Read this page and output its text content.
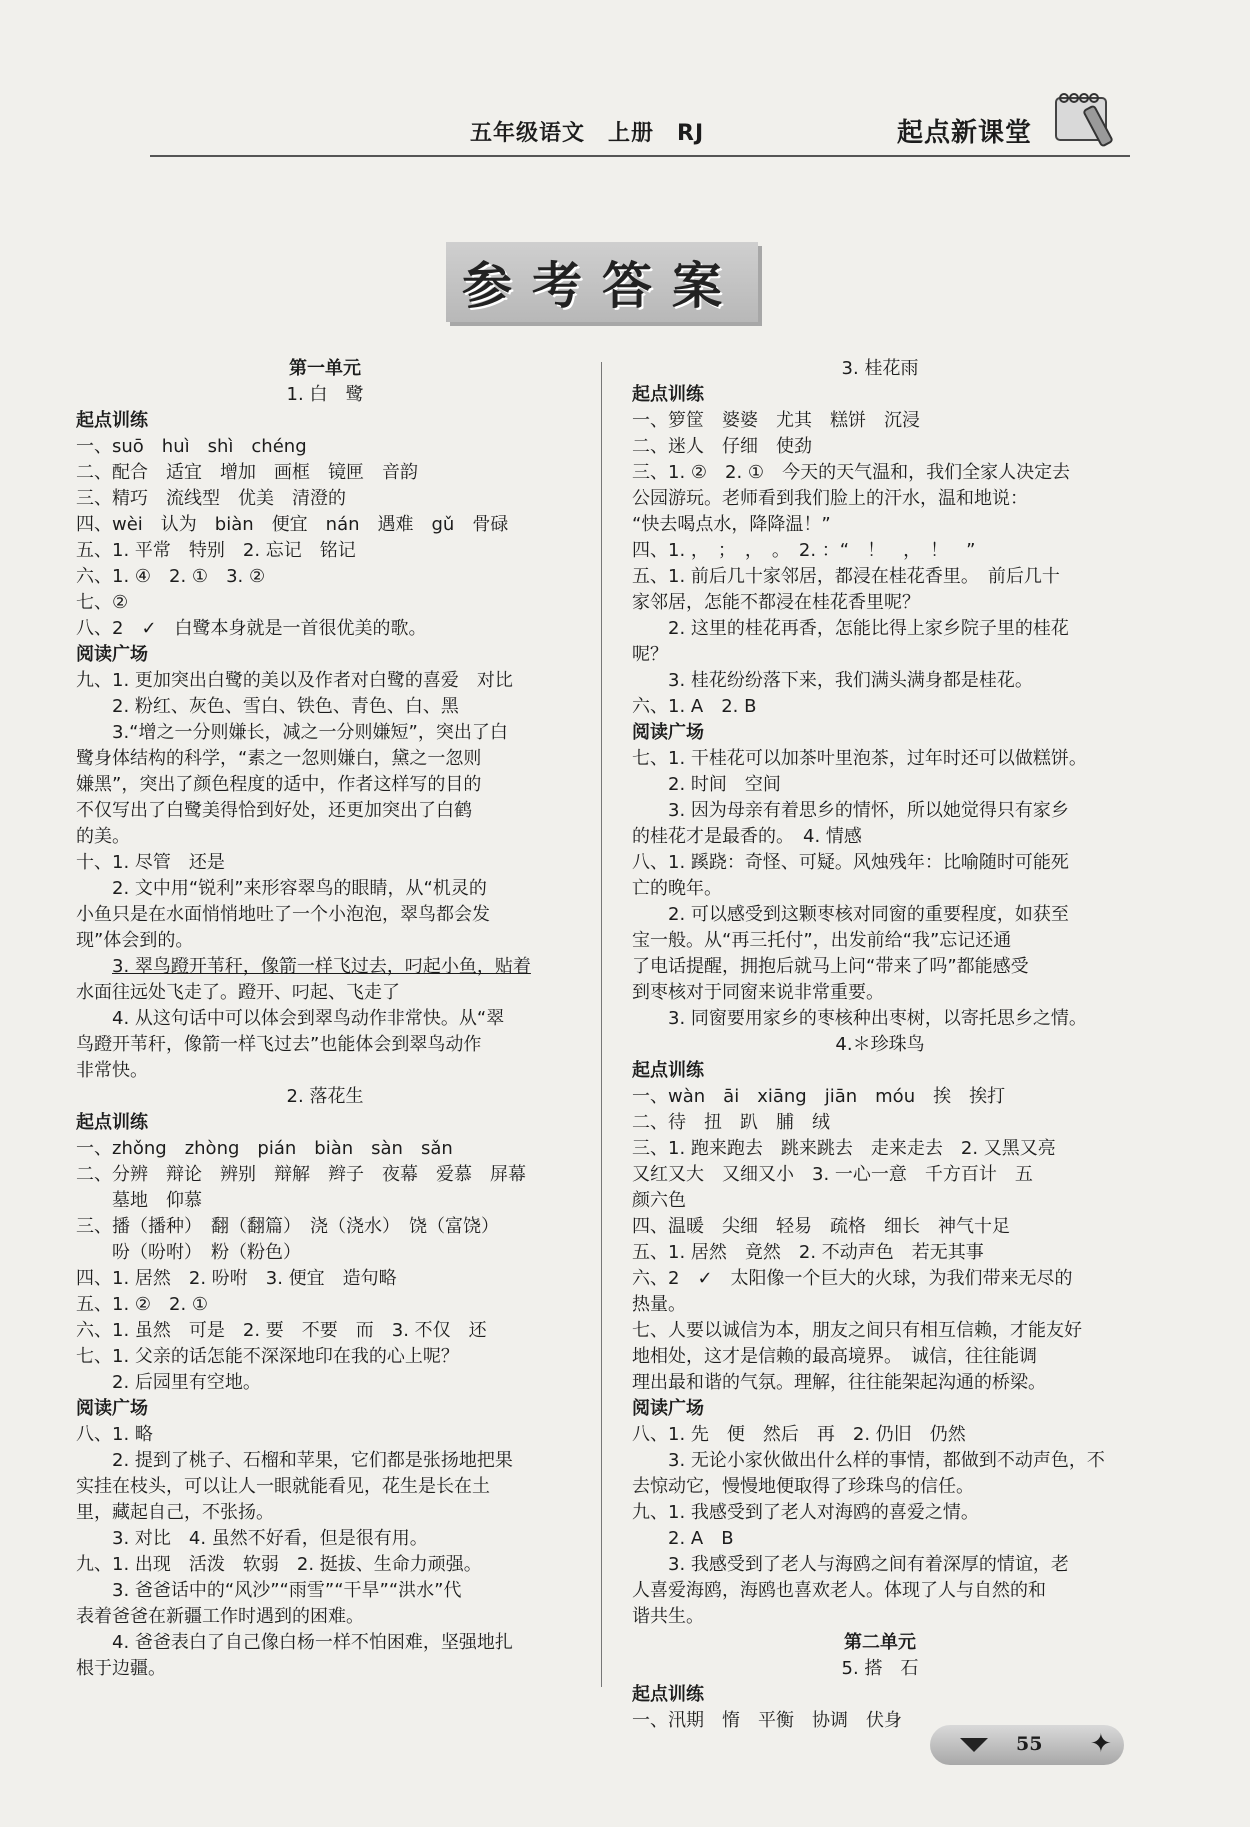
五年级语文　上册　RJ	起点新课堂
参考答案
第一单元
1. 白　鹭
起点训练
一、suō　huì　shì　chéng
二、配合　适宜　增加　画框　镜匣　音韵
三、精巧　流线型　优美　清澄的
四、wèi　认为　biàn　便宜　nán　遇难　gǔ　骨碌
五、1. 平常　特别　2. 忘记　铭记
六、1. ④　2. ①　3. ②
七、②
八、2　✓　白鹭本身就是一首很优美的歌。
阅读广场
九、1. 更加突出白鹭的美以及作者对白鹭的喜爱　对比
2. 粉红、灰色、雪白、铁色、青色、白、黑
3.“增之一分则嫌长，减之一分则嫌短”，突出了白
鹭身体结构的科学，“素之一忽则嫌白，黛之一忽则
嫌黑”，突出了颜色程度的适中，作者这样写的目的
不仅写出了白鹭美得恰到好处，还更加突出了白鹤
的美。
十、1. 尽管　还是
2. 文中用“锐利”来形容翠鸟的眼睛，从“机灵的
小鱼只是在水面悄悄地吐了一个小泡泡，翠鸟都会发
现”体会到的。
3. 翠鸟蹬开苇秆，像箭一样飞过去，叼起小鱼，贴着
水面往远处飞走了。蹬开、叼起、飞走了
4. 从这句话中可以体会到翠鸟动作非常快。从“翠
鸟蹬开苇秆，像箭一样飞过去”也能体会到翠鸟动作
非常快。
2. 落花生
起点训练
一、zhǒng　zhòng　pián　biàn　sàn　sǎn
二、分辨　辩论　辨别　辩解　辫子　夜幕　爱慕　屏幕
墓地　仰慕
三、播（播种）　翻（翻篇）　浇（浇水）　饶（富饶）
吩（吩咐）　粉（粉色）
四、1. 居然　2. 吩咐　3. 便宜　造句略
五、1. ②　2. ①
六、1. 虽然　可是　2. 要　不要　而　3. 不仅　还
七、1. 父亲的话怎能不深深地印在我的心上呢？
2. 后园里有空地。
阅读广场
八、1. 略
2. 提到了桃子、石榴和苹果，它们都是张扬地把果
实挂在枝头，可以让人一眼就能看见，花生是长在土
里，藏起自己，不张扬。
3. 对比　4. 虽然不好看，但是很有用。
九、1. 出现　活泼　软弱　2. 挺拔、生命力顽强。
3. 爸爸话中的“风沙”“雨雪”“干旱”“洪水”代
表着爸爸在新疆工作时遇到的困难。
4. 爸爸表白了自己像白杨一样不怕困难，坚强地扎
根于边疆。
3. 桂花雨
起点训练
一、箩筐　婆婆　尤其　糕饼　沉浸
二、迷人　仔细　使劲
三、1. ②　2. ①　今天的天气温和，我们全家人决定去
公园游玩。老师看到我们脸上的汗水，温和地说：
“快去喝点水，降降温！”
四、1. ，　；　，　。　2. ：“　！　，　！　”
五、1. 前后几十家邻居，都浸在桂花香里。　前后几十
家邻居，怎能不都浸在桂花香里呢？
2. 这里的桂花再香，怎能比得上家乡院子里的桂花
呢？
3. 桂花纷纷落下来，我们满头满身都是桂花。
六、1. A　2. B
阅读广场
七、1. 干桂花可以加茶叶里泡茶，过年时还可以做糕饼。
2. 时间　空间
3. 因为母亲有着思乡的情怀，所以她觉得只有家乡
的桂花才是最香的。　4. 情感
八、1. 蹊跷：奇怪、可疑。风烛残年：比喻随时可能死
亡的晚年。
2. 可以感受到这颗枣核对同窗的重要程度，如获至
宝一般。从“再三托付”，出发前给“我”忘记还通
了电话提醒，拥抱后就马上问“带来了吗”都能感受
到枣核对于同窗来说非常重要。
3. 同窗要用家乡的枣核种出枣树，以寄托思乡之情。
4.＊珍珠鸟
起点训练
一、wàn　āi　xiāng　jiān　móu　挨　挨打
二、待　扭　趴　脯　绒
三、1. 跑来跑去　跳来跳去　走来走去　2. 又黑又亮
又红又大　又细又小　3. 一心一意　千方百计　五
颜六色
四、温暖　尖细　轻易　疏格　细长　神气十足
五、1. 居然　竟然　2. 不动声色　若无其事
六、2　✓　太阳像一个巨大的火球，为我们带来无尽的
热量。
七、人要以诚信为本，朋友之间只有相互信赖，才能友好
地相处，这才是信赖的最高境界。　诚信，往往能调
理出最和谐的气氛。理解，往往能架起沟通的桥梁。
阅读广场
八、1. 先　便　然后　再　2. 仍旧　仍然
3. 无论小家伙做出什么样的事情，都做到不动声色，不
去惊动它，慢慢地便取得了珍珠鸟的信任。
九、1. 我感受到了老人对海鸥的喜爱之情。
2. A　B
3. 我感受到了老人与海鸥之间有着深厚的情谊，老
人喜爱海鸥，海鸥也喜欢老人。体现了人与自然的和
谐共生。
第二单元
5. 搭　石
起点训练
一、汛期　惰　平衡　协调　伏身
55 ✦
